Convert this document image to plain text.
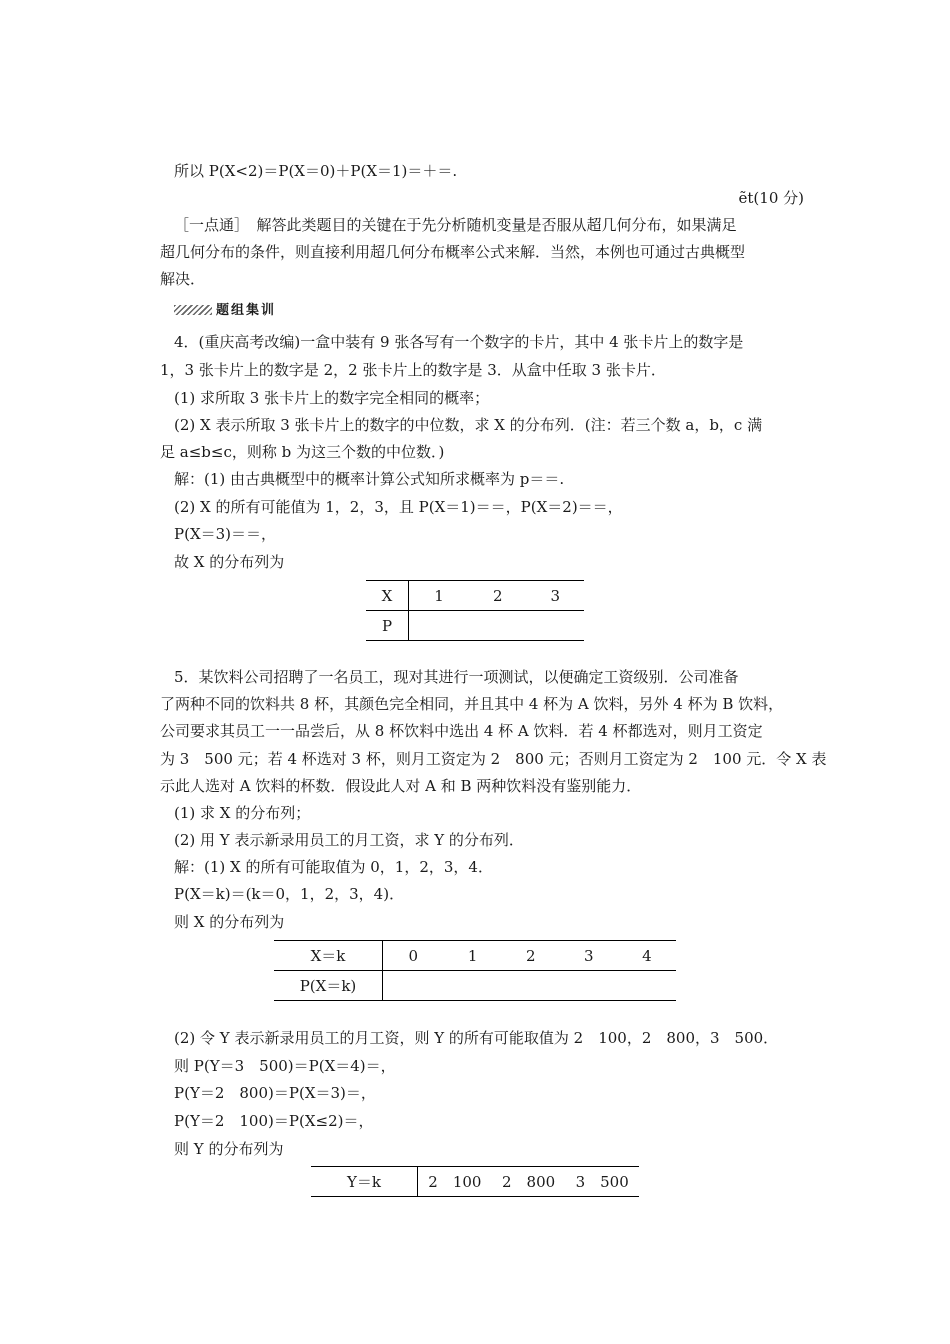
所以 P(X<2)＝P(X＝0)＋P(X＝1)＝＋＝.
ẽt(10 分)
［一点通］　解答此类题目的关键在于先分析随机变量是否服从超几何分布，如果满足
超几何分布的条件，则直接利用超几何分布概率公式来解．当然，本例也可通过古典概型
解决．
题组集训
4．(重庆高考改编)一盒中装有 9 张各写有一个数字的卡片，其中 4 张卡片上的数字是
1，3 张卡片上的数字是 2，2 张卡片上的数字是 3．从盒中任取 3 张卡片．
(1) 求所取 3 张卡片上的数字完全相同的概率；
(2) X 表示所取 3 张卡片上的数字的中位数，求 X 的分布列．(注：若三个数 a，b，c 满
足 a≤b≤c，则称 b 为这三个数的中位数．)
解：(1) 由古典概型中的概率计算公式知所求概率为 p＝＝.
(2) X 的所有可能值为 1，2，3，且 P(X＝1)＝＝，P(X＝2)＝＝，
P(X＝3)＝＝，
故 X 的分布列为
X	1	2	3
P			
5．某饮料公司招聘了一名员工，现对其进行一项测试，以便确定工资级别．公司准备
了两种不同的饮料共 8 杯，其颜色完全相同，并且其中 4 杯为 A 饮料，另外 4 杯为 B 饮料，
公司要求其员工一一品尝后，从 8 杯饮料中选出 4 杯 A 饮料．若 4 杯都选对，则月工资定
为 3　500 元；若 4 杯选对 3 杯，则月工资定为 2　800 元；否则月工资定为 2　100 元．令 X 表
示此人选对 A 饮料的杯数．假设此人对 A 和 B 两种饮料没有鉴别能力．
(1) 求 X 的分布列；
(2) 用 Y 表示新录用员工的月工资，求 Y 的分布列．
解：(1) X 的所有可能取值为 0，1，2，3，4．
P(X＝k)＝(k＝0，1，2，3，4)．
则 X 的分布列为
X＝k	0	1	2	3	4
P(X＝k)					
(2) 令 Y 表示新录用员工的月工资，则 Y 的所有可能取值为 2　100，2　800，3　500．
则 P(Y＝3　500)＝P(X＝4)＝，
P(Y＝2　800)＝P(X＝3)＝，
P(Y＝2　100)＝P(X≤2)＝，
则 Y 的分布列为
Y＝k	2　100	2　800	3　500
